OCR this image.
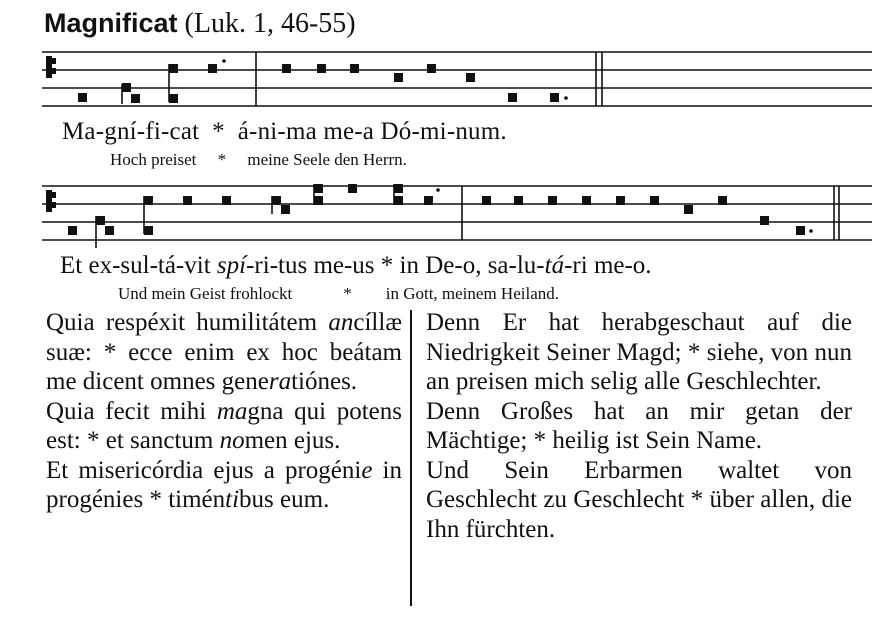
Magnificat (Luk. 1, 46-55)
Ma-gní-fi-cat  *  á-ni-ma me-a Dó-mi-num.
Hoch preiset     *     meine Seele den Herrn.
Et ex-sul-tá-vit spí-ri-tus me-us * in De-o, sa-lu-tá-ri me-o.
Und mein Geist frohlockt            *        in Gott, meinem Heiland.
Quia respéxit humilitátem ancíllæ suæ: * ecce enim ex hoc beátam me dicent omnes generatiónes.
Quia fecit mihi magna qui potens est: * et sanctum nomen ejus.
Et misericórdia ejus a progénie in progénies * timéntibus eum.
Denn Er hat herabgeschaut auf die Niedrigkeit Seiner Magd; * siehe, von nun an preisen mich selig alle Geschlechter.
Denn Großes hat an mir getan der Mächtige; * heilig ist Sein Name.
Und Sein Erbarmen waltet von Geschlecht zu Geschlecht * über allen, die Ihn fürchten.
